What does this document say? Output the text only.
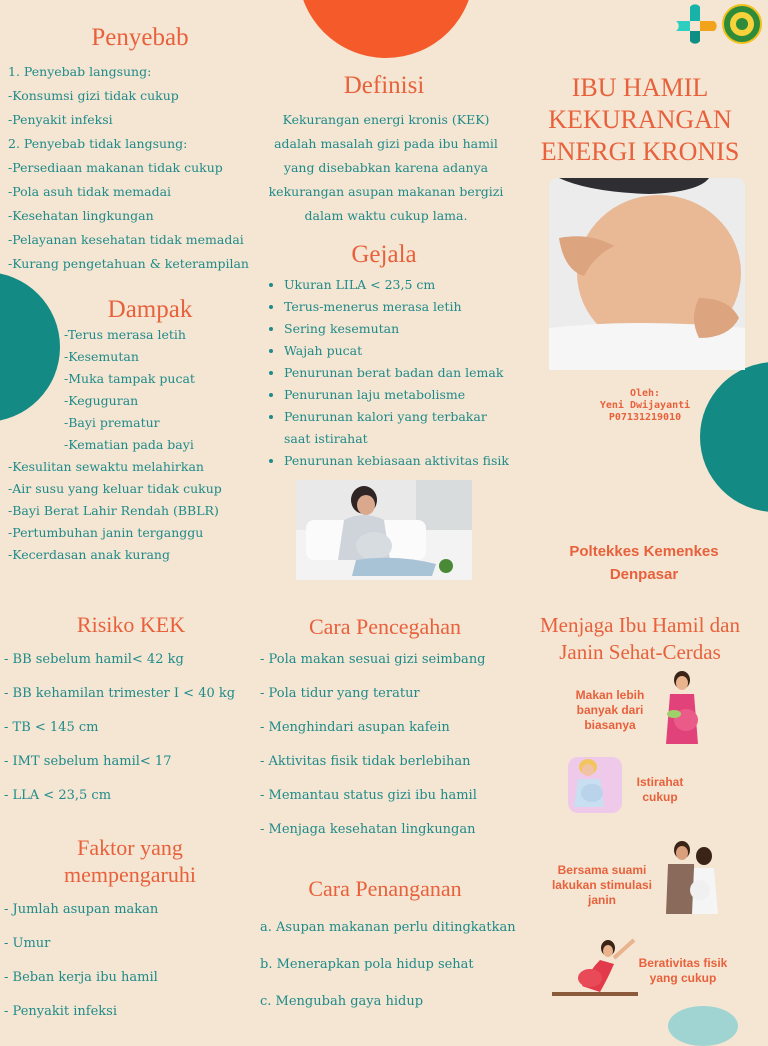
Penyebab
1. Penyebab langsung:
-Konsumsi gizi tidak cukup
-Penyakit infeksi
2. Penyebab tidak langsung:
-Persediaan makanan tidak cukup
-Pola asuh tidak memadai
-Kesehatan lingkungan
-Pelayanan kesehatan tidak memadai
-Kurang pengetahuan & keterampilan
Dampak
-Terus merasa letih
-Kesemutan
-Muka tampak pucat
-Keguguran
-Bayi prematur
-Kematian pada bayi
-Kesulitan sewaktu melahirkan
-Air susu yang keluar tidak cukup
-Bayi Berat Lahir Rendah (BBLR)
-Pertumbuhan janin terganggu
-Kecerdasan anak kurang
Definisi
Kekurangan energi kronis (KEK) adalah masalah gizi pada ibu hamil yang disebabkan karena adanya kekurangan asupan makanan bergizi dalam waktu cukup lama.
Gejala
• Ukuran LILA < 23,5 cm
• Terus-menerus merasa letih
• Sering kesemutan
• Wajah pucat
• Penurunan berat badan dan lemak
• Penurunan laju metabolisme
• Penurunan kalori yang terbakar saat istirahat
• Penurunan kebiasaan aktivitas fisik
IBU HAMIL
KEKURANGAN
ENERGI KRONIS
Oleh:
Yeni Dwijayanti
P07131219010
Poltekkes Kemenkes
Denpasar
Risiko KEK
- BB sebelum hamil< 42 kg
- BB kehamilan trimester I < 40 kg
- TB < 145 cm
- IMT sebelum hamil< 17
- LLA < 23,5 cm
Faktor yang
mempengaruhi
- Jumlah asupan makan
- Umur
- Beban kerja ibu hamil
- Penyakit infeksi
Cara Pencegahan
- Pola makan sesuai gizi seimbang
- Pola tidur yang teratur
- Menghindari asupan kafein
- Aktivitas fisik tidak berlebihan
- Memantau status gizi ibu hamil
- Menjaga kesehatan lingkungan
Cara Penanganan
a. Asupan makanan perlu ditingkatkan
b. Menerapkan pola hidup sehat
c. Mengubah gaya hidup
Menjaga Ibu Hamil dan
Janin Sehat-Cerdas
Makan lebih
banyak dari
biasanya
Istirahat
cukup
Bersama suami
lakukan stimulasi
janin
Berativitas fisik
yang cukup
